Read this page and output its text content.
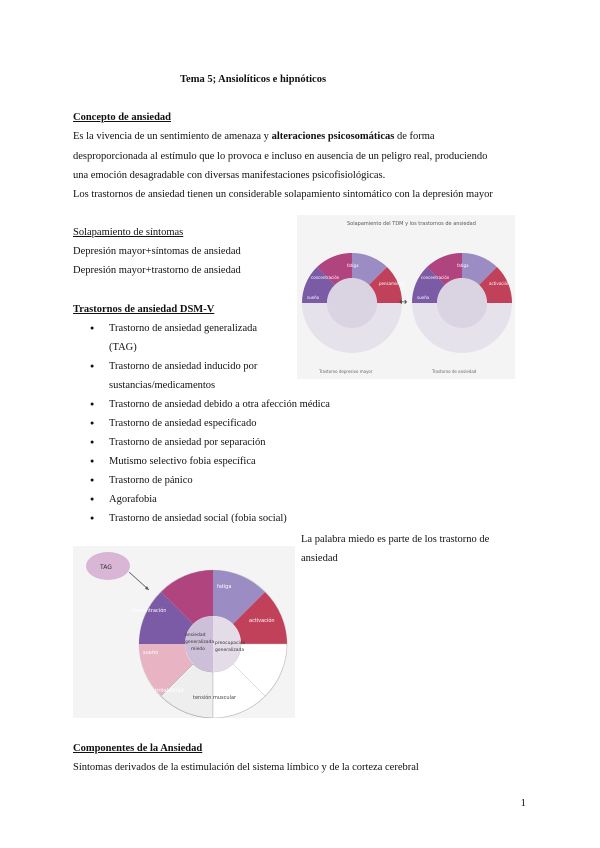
Tema 5; Ansiolíticos e hipnóticos
Concepto de ansiedad
Es la vivencia de un sentimiento de amenaza y alteraciones psicosomáticas de forma
desproporcionada al estímulo que lo provoca e incluso en ausencia de un peligro real, produciendo
una emoción desagradable con diversas manifestaciones psicofisiológicas.
Los trastornos de ansiedad tienen un considerable solapamiento sintomático con la depresión mayor
Solapamiento de síntomas
Depresión mayor+síntomas de ansiedad
Depresión mayor+trastorno de ansiedad
Solapamiento del TDM y los trastornos de ansiedad
fatiga
pensamiento
concentración
sueño	↔
fatiga
activación
concentración
sueño
Trastorno depresivo mayor	Trastorno de ansiedad
Trastornos de ansiedad DSM-V
● Trastorno de ansiedad generalizada
(TAG)
● Trastorno de ansiedad inducido por
sustancias/medicamentos
● Trastorno de ansiedad debido a otra afección médica
● Trastorno de ansiedad especificado
● Trastorno de ansiedad por separación
● Mutismo selectivo fobia específica
● Trastorno de pánico
● Agorafobia
● Trastorno de ansiedad social (fobia social)
La palabra miedo es parte de los trastorno de
ansiedad
TAG
concentración
fatiga
activación
sueño
irritabilidad
tensión muscular
ansiedad
generalizada
miedo
preocupación
generalizada
Componentes de la Ansiedad
Síntomas derivados de la estimulación del sistema límbico y de la corteza cerebral
1
